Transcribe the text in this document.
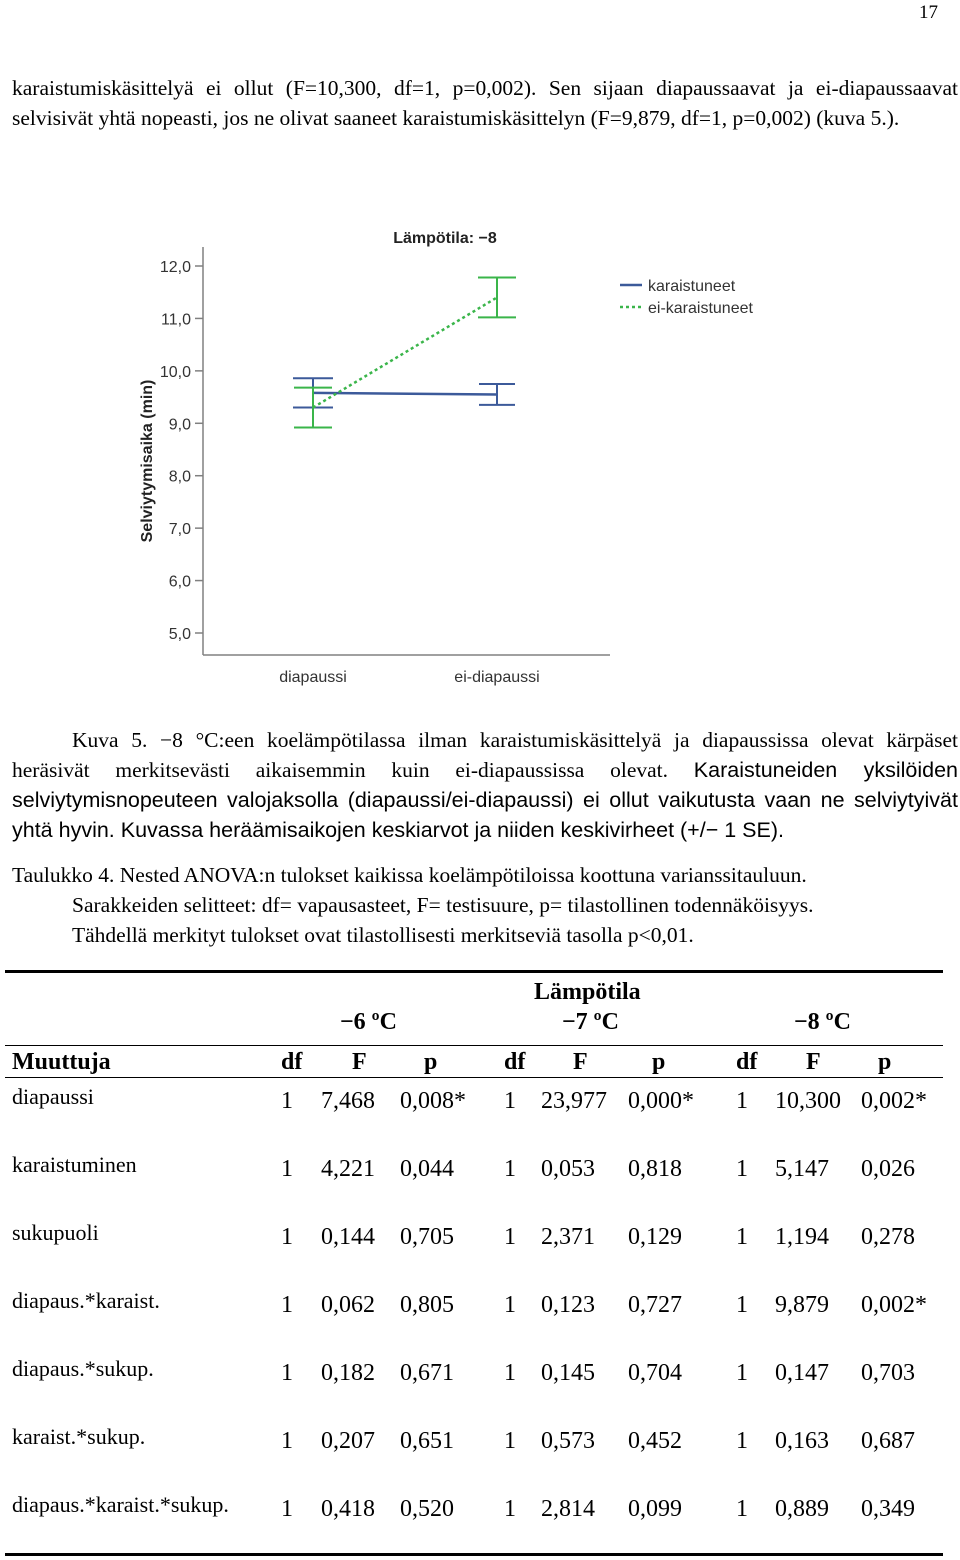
17

karaistumiskäsittelyä ei ollut (F=10,300, df=1, p=0,002). Sen sijaan diapaussaavat ja ei-diapaussaavat selvisivät yhtä nopeasti, jos ne olivat saaneet karaistumiskäsittelyn (F=9,879, df=1, p=0,002) (kuva 5.).

5,0
6,0
7,0
8,0
9,0
10,0
11,0
12,0
diapaussi	ei-diapaussi
Selviytymisaika (min)
Lämpötila: −8
karaistuneet
ei-karaistuneet

Kuva 5. −8 °C:een koelämpötilassa ilman karaistumiskäsittelyä ja diapaussissa olevat kärpäset heräsivät merkitsevästi aikaisemmin kuin ei-diapaussissa olevat. Karaistuneiden yksilöiden selviytymisnopeuteen valojaksolla (diapaussi/ei-diapaussi) ei ollut vaikutusta vaan ne selviytyivät yhtä hyvin. Kuvassa heräämisaikojen keskiarvot ja niiden keskivirheet (+/− 1 SE).

Taulukko 4. Nested ANOVA:n tulokset kaikissa koelämpötiloissa koottuna varianssitauluun.
Sarakkeiden selitteet: df= vapausasteet, F= testisuure, p= tilastollinen todennäköisyys.
Tähdellä merkityt tulokset ovat tilastollisesti merkitseviä tasolla p<0,01.

Lämpötila
−6 ºC	−7 ºC	−8 ºC
Muuttuja	df F p	df F	p	df F p
diapaussi	1 7,468 0,008* 1 23,977 0,000* 1 10,300 0,002*
karaistuminen	1 4,221 0,044 1 0,053 0,818 1 5,147 0,026
sukupuoli	1 0,144 0,705 1 2,371 0,129 1 1,194 0,278
diapaus.*karaist.	1 0,062 0,805 1 0,123 0,727 1 9,879 0,002*
diapaus.*sukup.	1 0,182 0,671 1 0,145 0,704 1 0,147 0,703
karaist.*sukup.	1 0,207 0,651 1 0,573 0,452 1 0,163 0,687
diapaus.*karaist.*sukup. 1 0,418 0,520 1 2,814 0,099 1 0,889 0,349
